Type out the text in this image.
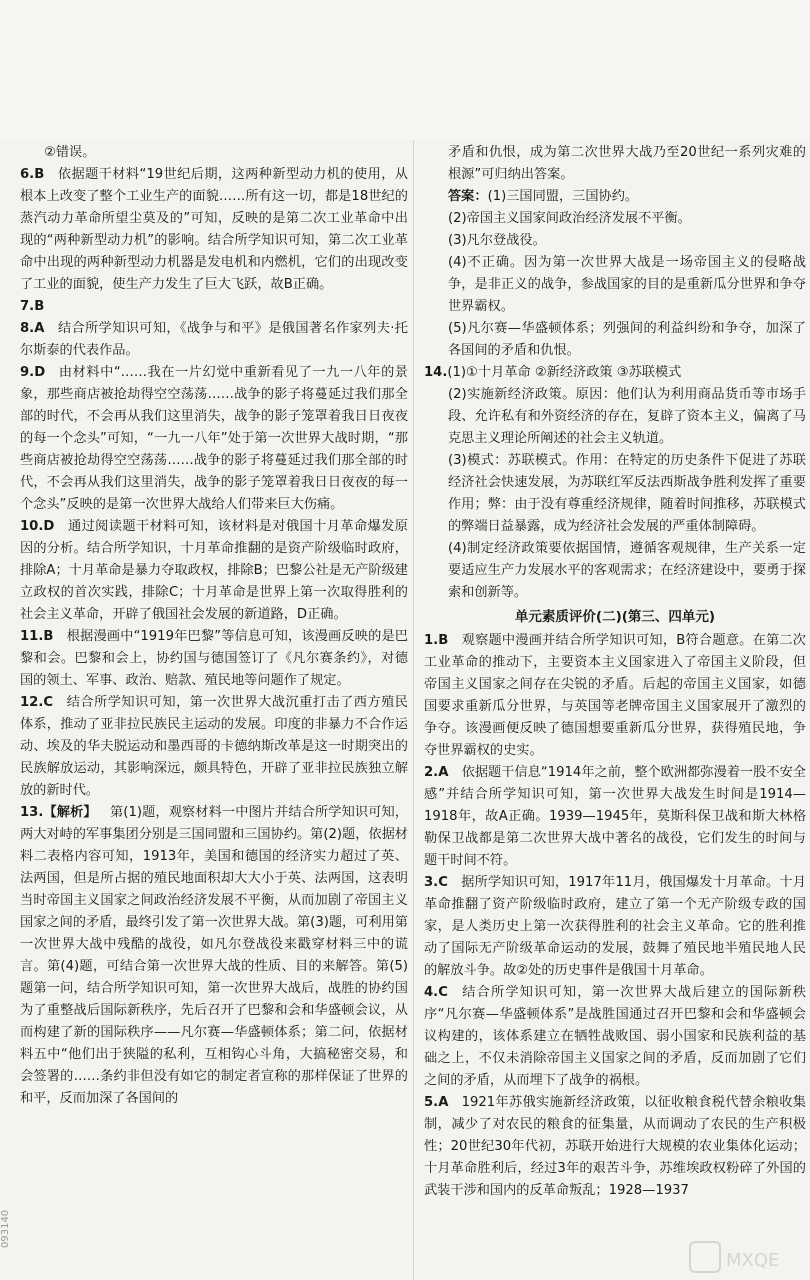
②错误。

6.B  依据题干材料“19世纪后期，这两种新型动力机的使用，从根本上改变了整个工业生产的面貌……所有这一切，都是18世纪的蒸汽动力革命所望尘莫及的”可知，反映的是第二次工业革命中出现的“两种新型动力机”的影响。结合所学知识可知，第二次工业革命中出现的两种新型动力机器是发电机和内燃机，它们的出现改变了工业的面貌，使生产力发生了巨大飞跃，故B正确。

7.B 

8.A  结合所学知识可知，《战争与和平》是俄国著名作家列夫·托尔斯泰的代表作品。

9.D  由材料中“……我在一片幻觉中重新看见了一九一八年的景象，那些商店被抢劫得空空荡荡……战争的影子将蔓延过我们那全部的时代，不会再从我们这里消失，战争的影子笼罩着我日日夜夜的每一个念头”可知，“一九一八年”处于第一次世界大战时期，“那些商店被抢劫得空空荡荡……战争的影子将蔓延过我们那全部的时代，不会再从我们这里消失，战争的影子笼罩着我日日夜夜的每一个念头”反映的是第一次世界大战给人们带来巨大伤痛。

10.D  通过阅读题干材料可知，该材料是对俄国十月革命爆发原因的分析。结合所学知识，十月革命推翻的是资产阶级临时政府，排除A；十月革命是暴力夺取政权，排除B；巴黎公社是无产阶级建立政权的首次实践，排除C；十月革命是世界上第一次取得胜利的社会主义革命，开辟了俄国社会发展的新道路，D正确。

11.B  根据漫画中“1919年巴黎”等信息可知，该漫画反映的是巴黎和会。巴黎和会上，协约国与德国签订了《凡尔赛条约》，对德国的领土、军事、政治、赔款、殖民地等问题作了规定。

12.C  结合所学知识可知，第一次世界大战沉重打击了西方殖民体系，推动了亚非拉民族民主运动的发展。印度的非暴力不合作运动、埃及的华夫脱运动和墨西哥的卡德纳斯改革是这一时期突出的民族解放运动，其影响深远，颇具特色，开辟了亚非拉民族独立解放的新时代。

13.【解析】  第(1)题，观察材料一中图片并结合所学知识可知，两大对峙的军事集团分别是三国同盟和三国协约。第(2)题，依据材料二表格内容可知，1913年，美国和德国的经济实力超过了英、法两国，但是所占据的殖民地面积却大大小于英、法两国，这表明当时帝国主义国家之间政治经济发展不平衡，从而加剧了帝国主义国家之间的矛盾，最终引发了第一次世界大战。第(3)题，可利用第一次世界大战中残酷的战役，如凡尔登战役来戳穿材料三中的谎言。第(4)题，可结合第一次世界大战的性质、目的来解答。第(5)题第一问，结合所学知识可知，第一次世界大战后，战胜的协约国为了重整战后国际新秩序，先后召开了巴黎和会和华盛顿会议，从而构建了新的国际秩序——凡尔赛—华盛顿体系；第二问，依据材料五中“他们出于狭隘的私利，互相钩心斗角，大搞秘密交易，和会签署的……条约非但没有如它的制定者宣称的那样保证了世界的和平，反而加深了各国间的

矛盾和仇恨，成为第二次世界大战乃至20世纪一系列灾难的根源”可归纳出答案。

答案：(1)三国同盟，三国协约。

(2)帝国主义国家间政治经济发展不平衡。

(3)凡尔登战役。

(4)不正确。因为第一次世界大战是一场帝国主义的侵略战争，是非正义的战争，参战国家的目的是重新瓜分世界和争夺世界霸权。

(5)凡尔赛—华盛顿体系；列强间的利益纠纷和争夺，加深了各国间的矛盾和仇恨。

14.(1)①十月革命 ②新经济政策 ③苏联模式

(2)实施新经济政策。原因：他们认为利用商品货币等市场手段、允许私有和外资经济的存在，复辟了资本主义，偏离了马克思主义理论所阐述的社会主义轨道。

(3)模式：苏联模式。作用：在特定的历史条件下促进了苏联经济社会快速发展，为苏联红军反法西斯战争胜利发挥了重要作用；弊：由于没有尊重经济规律，随着时间推移，苏联模式的弊端日益暴露，成为经济社会发展的严重体制障碍。

(4)制定经济政策要依据国情，遵循客观规律，生产关系一定要适应生产力发展水平的客观需求；在经济建设中，要勇于探索和创新等。

单元素质评价(二)(第三、四单元)

1.B  观察题中漫画并结合所学知识可知，B符合题意。在第二次工业革命的推动下，主要资本主义国家进入了帝国主义阶段，但帝国主义国家之间存在尖锐的矛盾。后起的帝国主义国家，如德国要求重新瓜分世界，与英国等老牌帝国主义国家展开了激烈的争夺。该漫画便反映了德国想要重新瓜分世界，获得殖民地，争夺世界霸权的史实。

2.A  依据题干信息“1914年之前，整个欧洲都弥漫着一股不安全感”并结合所学知识可知，第一次世界大战发生时间是1914—1918年，故A正确。1939—1945年，莫斯科保卫战和斯大林格勒保卫战都是第二次世界大战中著名的战役，它们发生的时间与题干时间不符。

3.C  据所学知识可知，1917年11月，俄国爆发十月革命。十月革命推翻了资产阶级临时政府，建立了第一个无产阶级专政的国家，是人类历史上第一次获得胜利的社会主义革命。它的胜利推动了国际无产阶级革命运动的发展，鼓舞了殖民地半殖民地人民的解放斗争。故②处的历史事件是俄国十月革命。

4.C  结合所学知识可知，第一次世界大战后建立的国际新秩序“凡尔赛—华盛顿体系”是战胜国通过召开巴黎和会和华盛顿会议构建的，该体系建立在牺牲战败国、弱小国家和民族利益的基础之上，不仅未消除帝国主义国家之间的矛盾，反而加剧了它们之间的矛盾，从而埋下了战争的祸根。

5.A  1921年苏俄实施新经济政策，以征收粮食税代替余粮收集制，减少了对农民的粮食的征集量，从而调动了农民的生产积极性；20世纪30年代初，苏联开始进行大规模的农业集体化运动；十月革命胜利后，经过3年的艰苦斗争，苏维埃政权粉碎了外国的武装干涉和国内的反革命叛乱；1928—1937

093140
MXQE
